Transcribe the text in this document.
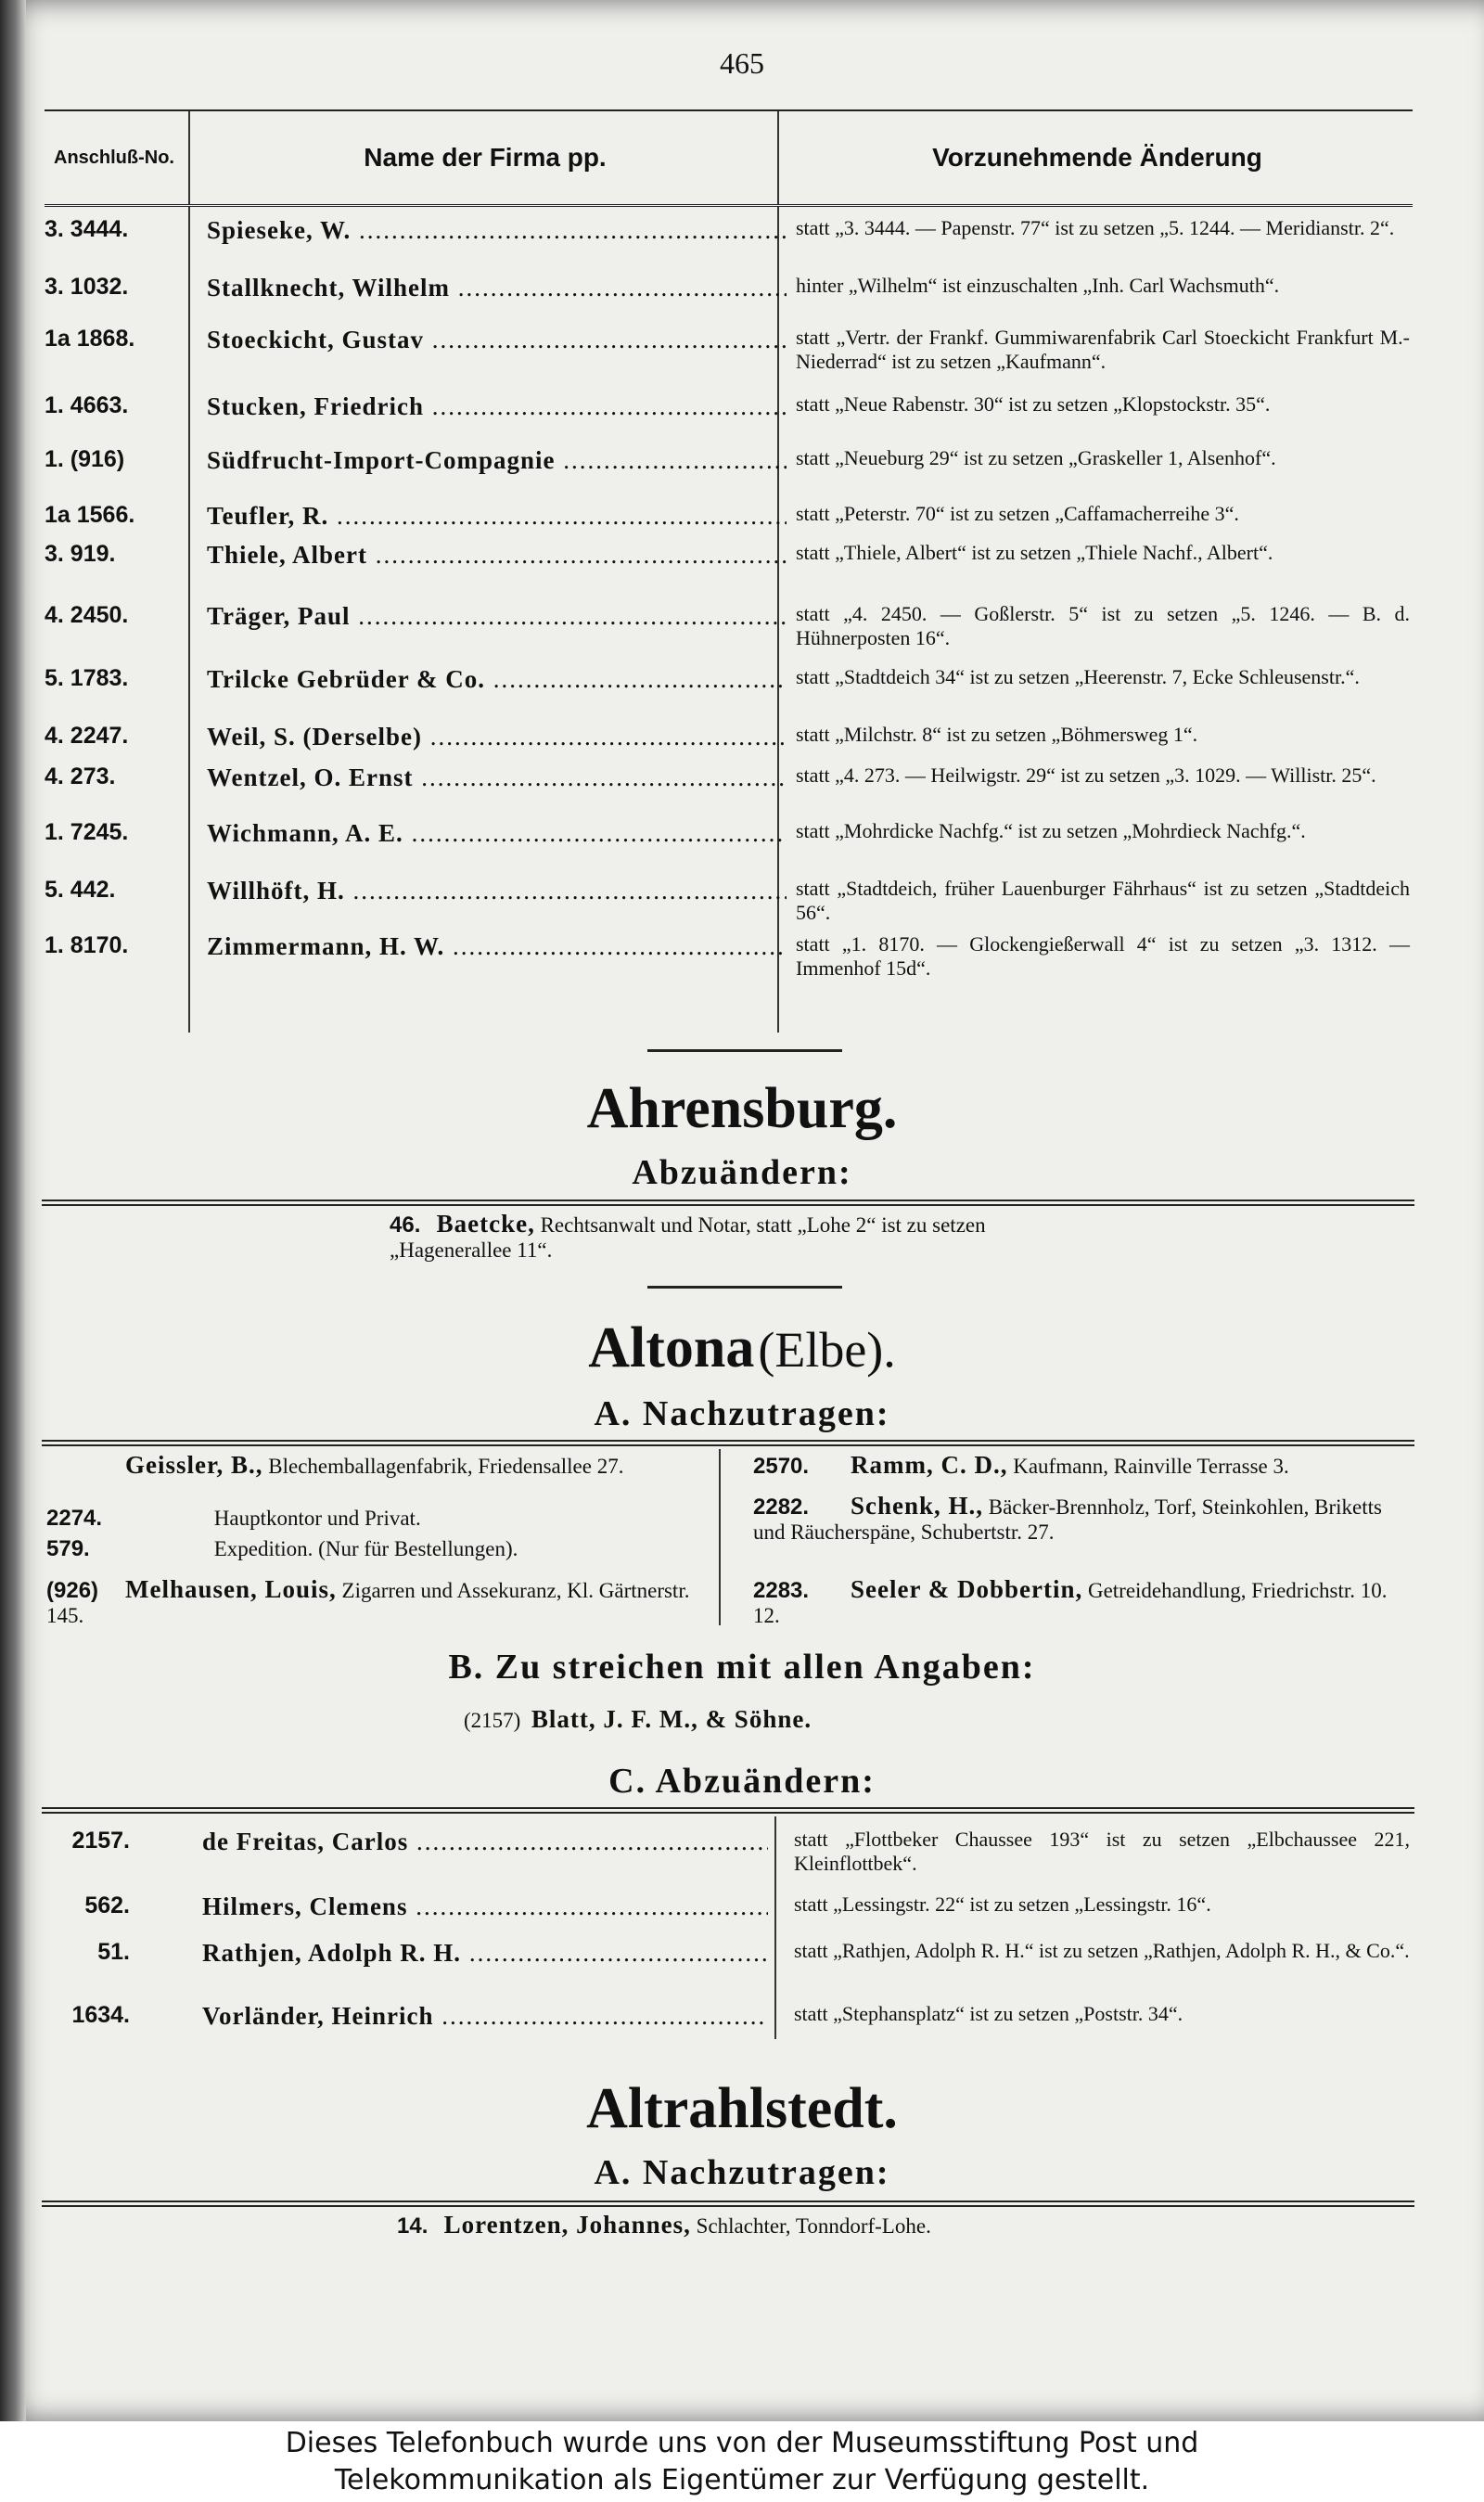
465
Anschluß-No.	Name der Firma pp.	Vorzunehmende Änderung
3. 3444.	Spieseke, W. .....	statt „3. 3444. — Papenstr. 77“ ist zu setzen „5. 1244. — Meridianstr. 2“.
3. 1032.	Stallknecht, Wilhelm .....	hinter „Wilhelm“ ist einzuschalten „Inh. Carl Wachsmuth“.
1a 1868.	Stoeckicht, Gustav .....	statt „Vertr. der Frankf. Gummiwarenfabrik Carl Stoeckicht Frankfurt M.-Niederrad“ ist zu setzen „Kaufmann“.
1. 4663.	Stucken, Friedrich .....	statt „Neue Rabenstr. 30“ ist zu setzen „Klopstockstr. 35“.
1. (916)	Südfrucht-Import-Compagnie .....	statt „Neueburg 29“ ist zu setzen „Graskeller 1, Alsenhof“.
1a 1566.	Teufler, R. .....	statt „Peterstr. 70“ ist zu setzen „Caffamacherreihe 3“.
3. 919.	Thiele, Albert .....	statt „Thiele, Albert“ ist zu setzen „Thiele Nachf., Albert“.
4. 2450.	Träger, Paul .....	statt „4. 2450. — Goßlerstr. 5“ ist zu setzen „5. 1246. — B. d. Hühnerposten 16“.
5. 1783.	Trilcke Gebrüder & Co. .....	statt „Stadtdeich 34“ ist zu setzen „Heerenstr. 7, Ecke Schleusenstr.“.
4. 2247.	Weil, S. (Derselbe) .....	statt „Milchstr. 8“ ist zu setzen „Böhmersweg 1“.
4. 273.	Wentzel, O. Ernst .....	statt „4. 273. — Heilwigstr. 29“ ist zu setzen „3. 1029. — Willistr. 25“.
1. 7245.	Wichmann, A. E. .....	statt „Mohrdicke Nachfg.“ ist zu setzen „Mohrdieck Nachfg.“.
5. 442.	Willhöft, H. .....	statt „Stadtdeich, früher Lauenburger Fährhaus“ ist zu setzen „Stadtdeich 56“.
1. 8170.	Zimmermann, H. W. .....	statt „1. 8170. — Glockengießerwall 4“ ist zu setzen „3. 1312. — Immenhof 15d“.
Ahrensburg.
Abzuändern:
46. Baetcke, Rechtsanwalt und Notar, statt „Lohe 2“ ist zu setzen „Hagenerallee 11“.
Altona (Elbe).
A. Nachzutragen:
Geissler, B., Blechemballagenfabrik, Friedensallee 27.
2274.	Hauptkontor und Privat.
579.	Expedition. (Nur für Bestellungen).
(926) Melhausen, Louis, Zigarren und Assekuranz, Kl. Gärtnerstr. 145.
2570. Ramm, C. D., Kaufmann, Rainville Terrasse 3.
2282. Schenk, H., Bäcker-Brennholz, Torf, Steinkohlen, Briketts und Räucherspäne, Schubertstr. 27.
2283. Seeler & Dobbertin, Getreidehandlung, Friedrichstr. 10. 12.
B. Zu streichen mit allen Angaben:
(2157) Blatt, J. F. M., & Söhne.
C. Abzuändern:
2157.	de Freitas, Carlos .....	statt „Flottbeker Chaussee 193“ ist zu setzen „Elbchaussee 221, Kleinflottbek“.
562.	Hilmers, Clemens .....	statt „Lessingstr. 22“ ist zu setzen „Lessingstr. 16“.
51.	Rathjen, Adolph R. H. .....	statt „Rathjen, Adolph R. H.“ ist zu setzen „Rathjen, Adolph R. H., & Co.“.
1634.	Vorländer, Heinrich .....	statt „Stephansplatz“ ist zu setzen „Poststr. 34“.
Altrahlstedt.
A. Nachzutragen:
14. Lorentzen, Johannes, Schlachter, Tonndorf-Lohe.
Dieses Telefonbuch wurde uns von der Museumsstiftung Post und
Telekommunikation als Eigentümer zur Verfügung gestellt.
